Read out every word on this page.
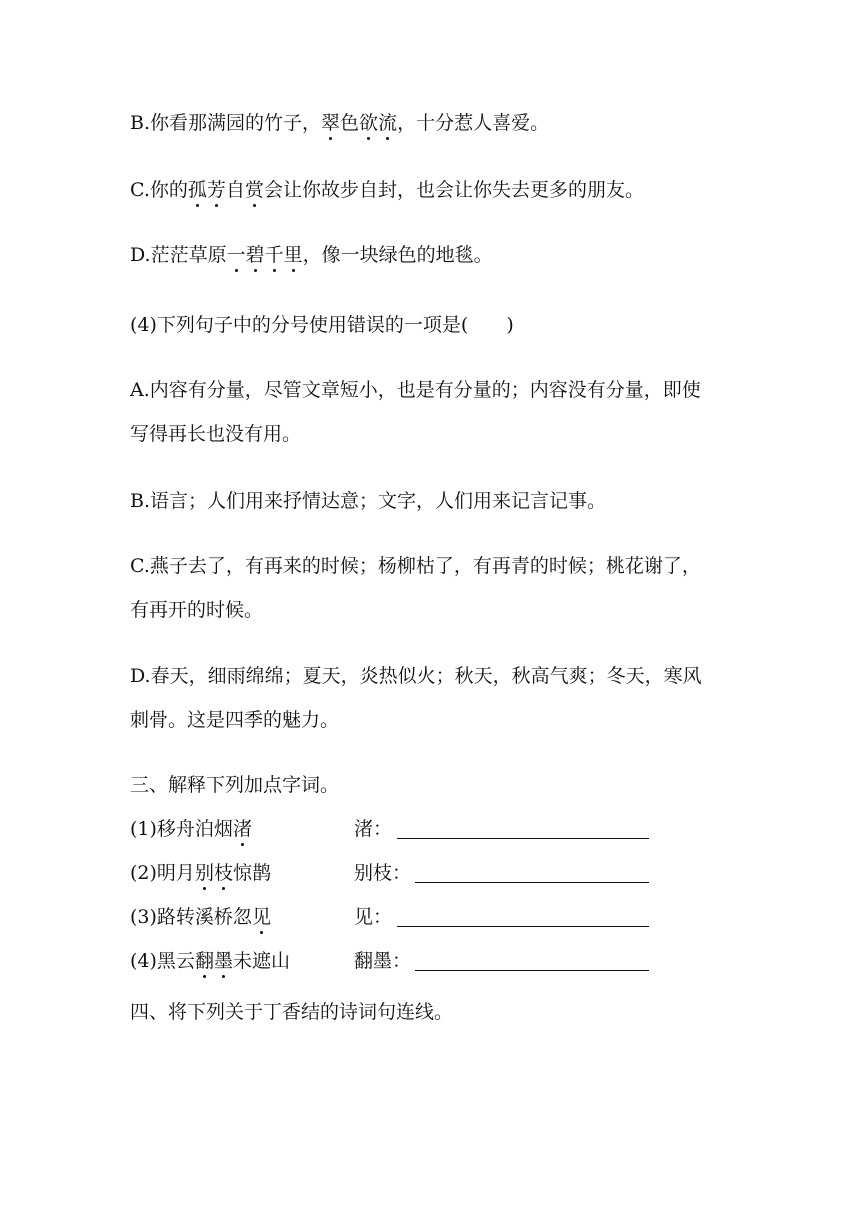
B.你看那满园的竹子，翠色欲流，十分惹人喜爱。
C.你的孤芳自赏会让你故步自封，也会让你失去更多的朋友。
D.茫茫草原一碧千里，像一块绿色的地毯。
(4)下列句子中的分号使用错误的一项是(　　)
A.内容有分量，尽管文章短小，也是有分量的；内容没有分量，即使
写得再长也没有用。
B.语言；人们用来抒情达意；文字，人们用来记言记事。
C.燕子去了，有再来的时候；杨柳枯了，有再青的时候；桃花谢了，
有再开的时候。
D.春天，细雨绵绵；夏天，炎热似火；秋天，秋高气爽；冬天，寒风
刺骨。这是四季的魅力。
三、解释下列加点字词。
(1)移舟泊烟渚	渚：
(2)明月别枝惊鹊	别枝：
(3)路转溪桥忽见	见：
(4)黑云翻墨未遮山	翻墨：
四、将下列关于丁香结的诗词句连线。
